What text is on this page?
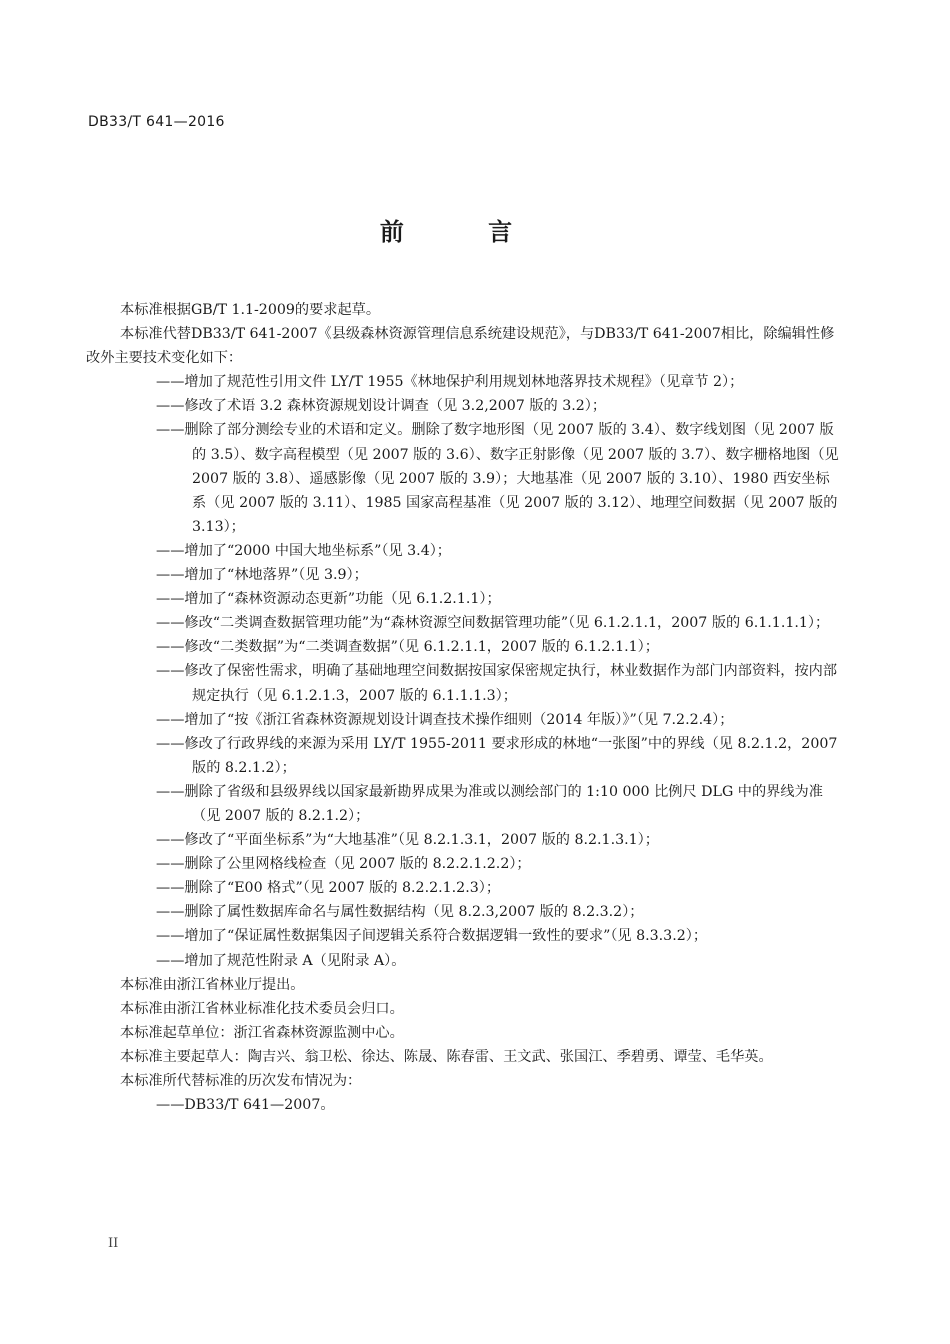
DB33/T 641—2016
前 言

本标准根据GB/T 1.1-2009的要求起草。

本标准代替DB33/T 641-2007《县级森林资源管理信息系统建设规范》，与DB33/T 641-2007相比，除编辑性修改外主要技术变化如下：

——增加了规范性引用文件 LY/T 1955《林地保护利用规划林地落界技术规程》（见章节 2）；

——修改了术语 3.2 森林资源规划设计调查（见 3.2,2007 版的 3.2）；

——删除了部分测绘专业的术语和定义。删除了数字地形图（见 2007 版的 3.4）、数字线划图（见 2007 版的 3.5）、数字高程模型（见 2007 版的 3.6）、数字正射影像（见 2007 版的 3.7）、数字栅格地图（见 2007 版的 3.8）、遥感影像（见 2007 版的 3.9）；大地基准（见 2007 版的 3.10）、1980 西安坐标系（见 2007 版的 3.11）、1985 国家高程基准（见 2007 版的 3.12）、地理空间数据（见 2007 版的 3.13）；

——增加了“2000 中国大地坐标系”（见 3.4）；

——增加了“林地落界”（见 3.9）；

——增加了“森林资源动态更新”功能（见 6.1.2.1.1）；

——修改“二类调查数据管理功能”为“森林资源空间数据管理功能”（见 6.1.2.1.1，2007 版的 6.1.1.1.1）；

——修改“二类数据”为“二类调查数据”（见 6.1.2.1.1，2007 版的 6.1.2.1.1）；

——修改了保密性需求，明确了基础地理空间数据按国家保密规定执行，林业数据作为部门内部资料，按内部规定执行（见 6.1.2.1.3，2007 版的 6.1.1.1.3）；

——增加了“按《浙江省森林资源规划设计调查技术操作细则（2014 年版）》”（见 7.2.2.4）；

——修改了行政界线的来源为采用 LY/T 1955-2011 要求形成的林地“一张图”中的界线（见 8.2.1.2，2007 版的 8.2.1.2）；

——删除了省级和县级界线以国家最新勘界成果为准或以测绘部门的 1:10 000 比例尺 DLG 中的界线为准（见 2007 版的 8.2.1.2）；

——修改了“平面坐标系”为“大地基准”（见 8.2.1.3.1，2007 版的 8.2.1.3.1）；

——删除了公里网格线检查（见 2007 版的 8.2.2.1.2.2）；

——删除了“E00 格式”（见 2007 版的 8.2.2.1.2.3）；

——删除了属性数据库命名与属性数据结构（见 8.2.3,2007 版的 8.2.3.2）；

——增加了“保证属性数据集因子间逻辑关系符合数据逻辑一致性的要求”（见 8.3.3.2）；

——增加了规范性附录 A（见附录 A）。

本标准由浙江省林业厅提出。

本标准由浙江省林业标准化技术委员会归口。

本标准起草单位：浙江省森林资源监测中心。

本标准主要起草人：陶吉兴、翁卫松、徐达、陈晟、陈春雷、王文武、张国江、季碧勇、谭莹、毛华英。

本标准所代替标准的历次发布情况为：

——DB33/T 641—2007。

II
